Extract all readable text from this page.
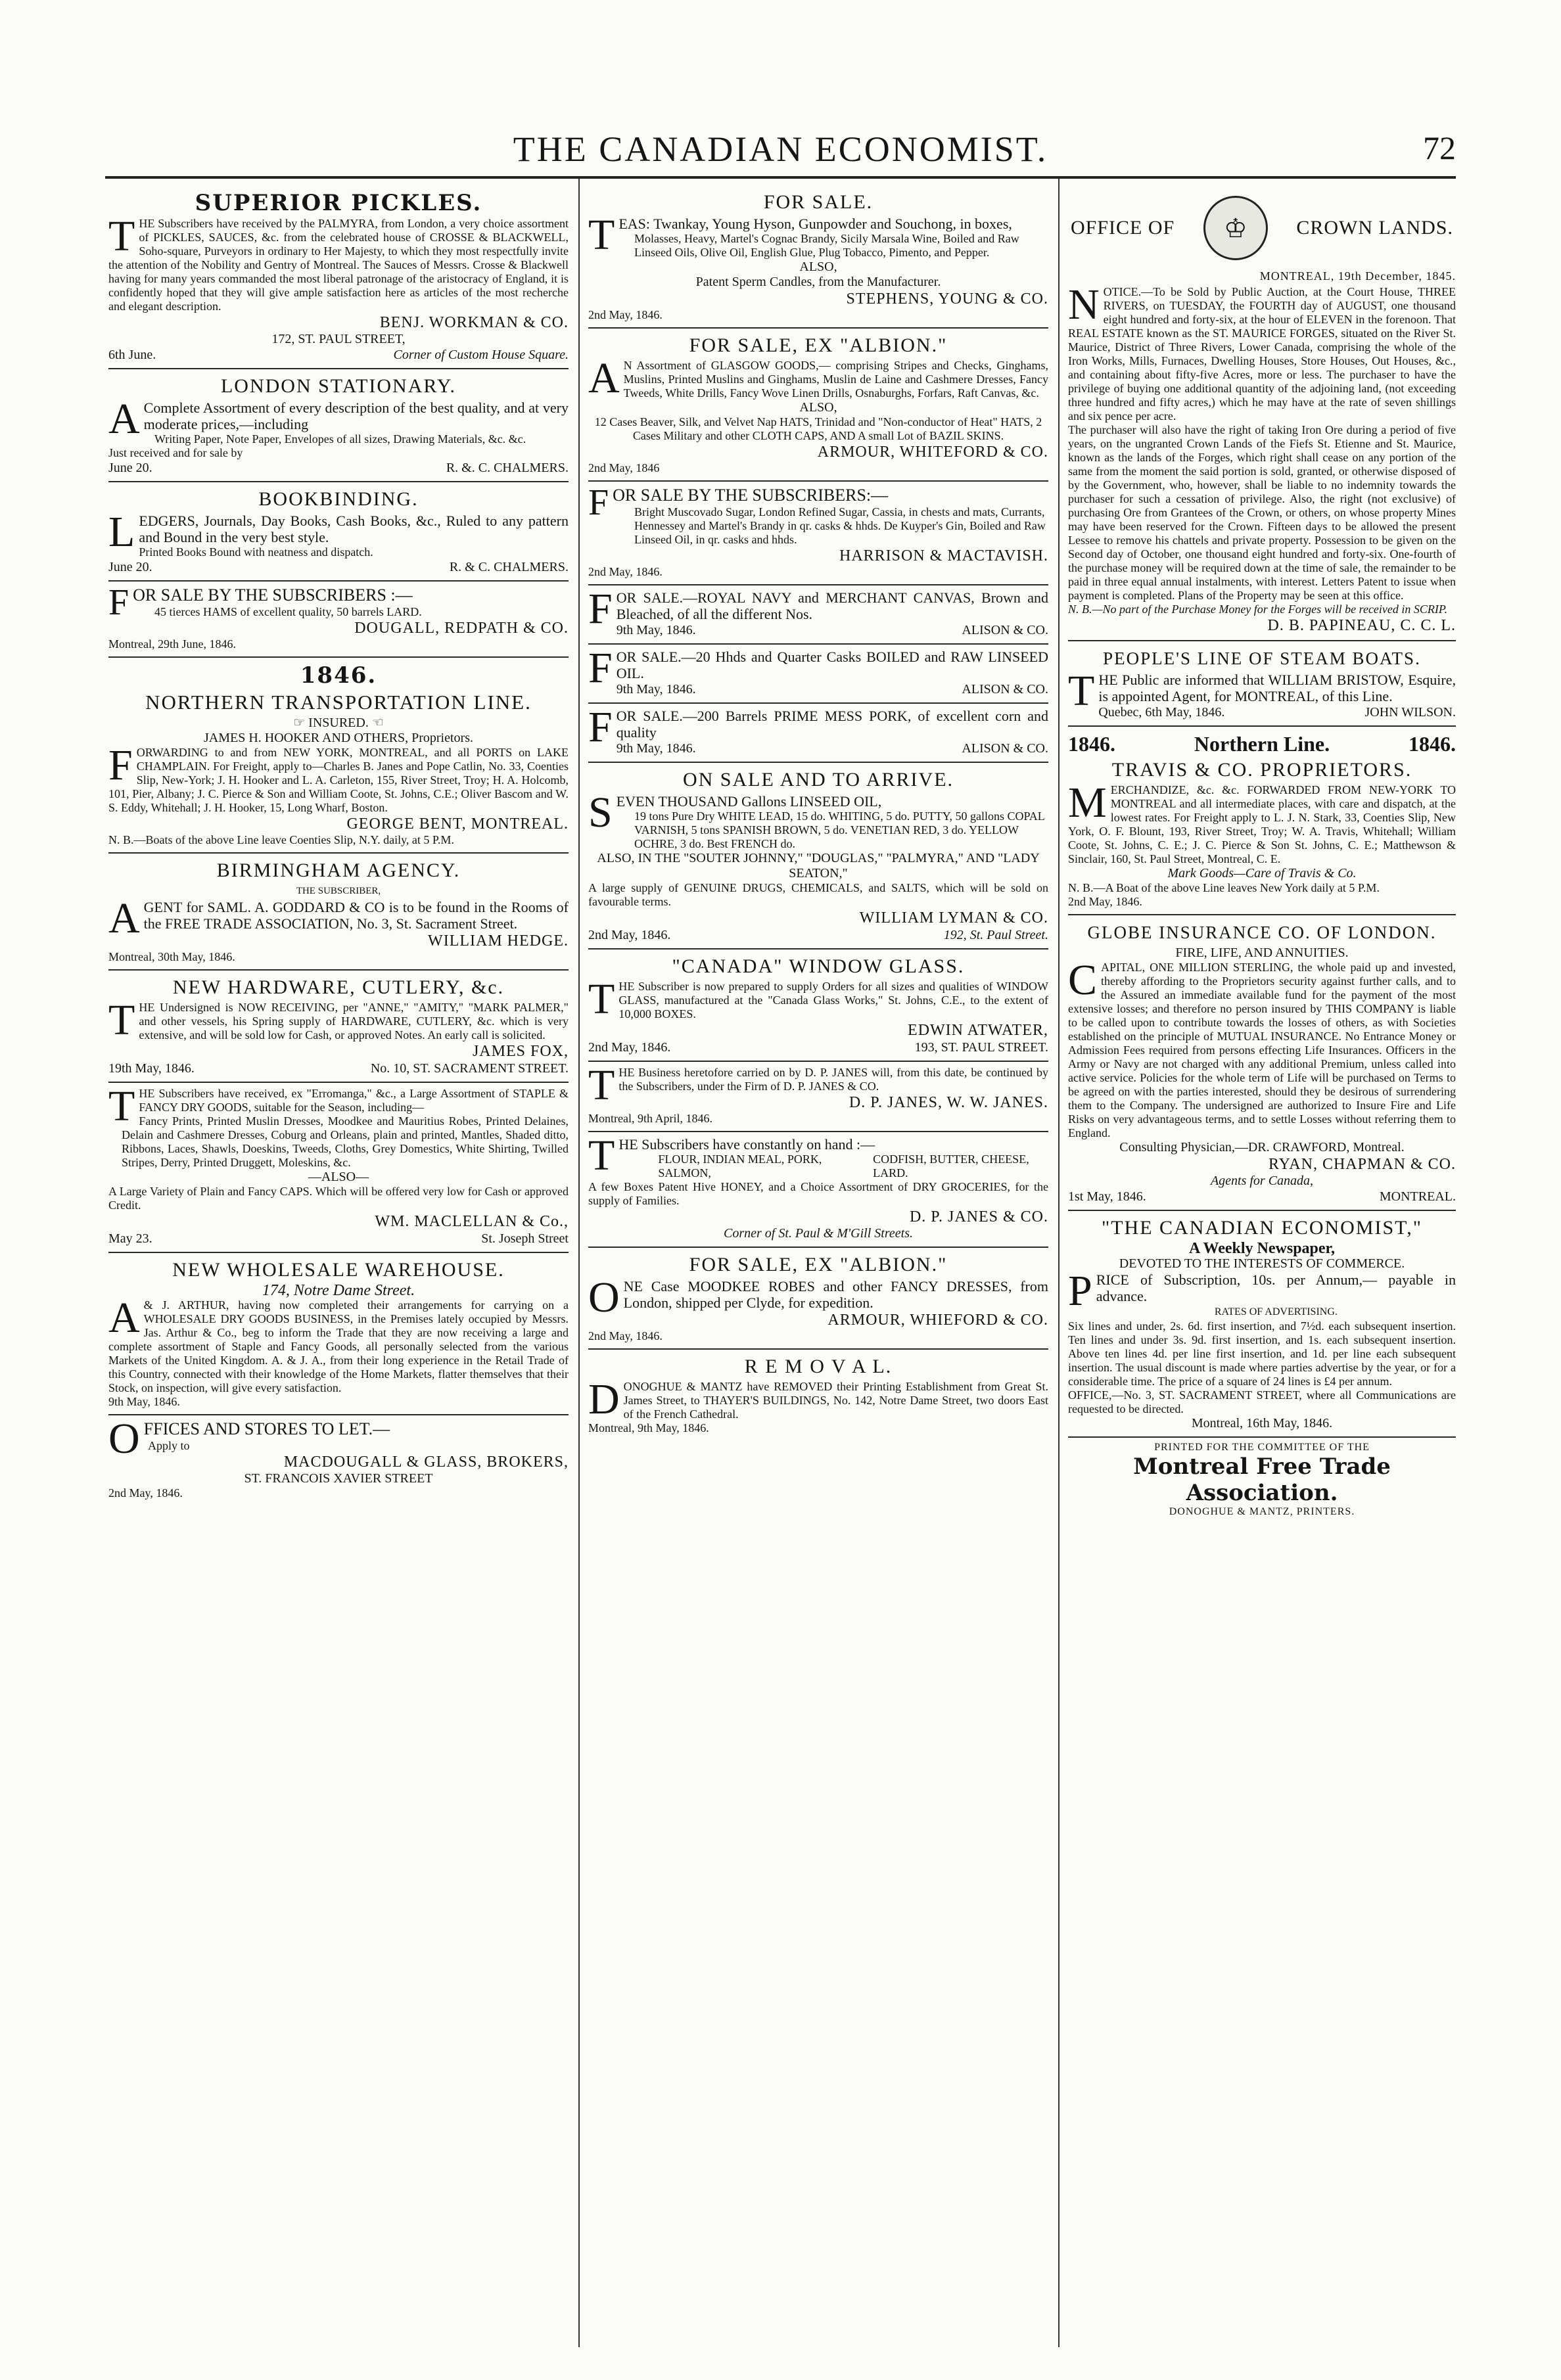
THE CANADIAN ECONOMIST.	72
SUPERIOR PICKLES.

THE Subscribers have received by the PALMYRA, from London, a very choice assortment of PICKLES, SAUCES, &c. from the celebrated house of CROSSE & BLACKWELL, Soho-square, Purveyors in ordinary to Her Majesty, to which they most respectfully invite the attention of the Nobility and Gentry of Montreal. The Sauces of Messrs. Crosse & Blackwell having for many years commanded the most liberal patronage of the aristocracy of England, it is confidently hoped that they will give ample satisfaction here as articles of the most recherche and elegant description.

BENJ. WORKMAN & CO.

172, ST. PAUL STREET,
6th June.	Corner of Custom House Square.
LONDON STATIONARY.

A Complete Assortment of every description of the best quality, and at very moderate prices,—including

Writing Paper, Note Paper, Envelopes of all sizes, Drawing Materials, &c. &c.

Just received and for sale by

June 20.	R. &. C. CHALMERS.
BOOKBINDING.

LEDGERS, Journals, Day Books, Cash Books, &c., Ruled to any pattern and Bound in the very best style.

Printed Books Bound with neatness and dispatch.

June 20.	R. & C. CHALMERS.

FOR SALE BY THE SUBSCRIBERS :—

45 tierces HAMS of excellent quality, 50 barrels LARD.

DOUGALL, REDPATH & CO.

Montreal, 29th June, 1846.

1846.
NORTHERN TRANSPORTATION LINE.
☞ INSURED. ☜
JAMES H. HOOKER AND OTHERS, Proprietors.

FORWARDING to and from NEW YORK, MONTREAL, and all PORTS on LAKE CHAMPLAIN. For Freight, apply to—Charles B. Janes and Pope Catlin, No. 33, Coenties Slip, New-York; J. H. Hooker and L. A. Carleton, 155, River Street, Troy; H. A. Holcomb, 101, Pier, Albany; J. C. Pierce & Son and William Coote, St. Johns, C.E.; Oliver Bascom and W. S. Eddy, Whitehall; J. H. Hooker, 15, Long Wharf, Boston.

GEORGE BENT, MONTREAL.

N. B.—Boats of the above Line leave Coenties Slip, N.Y. daily, at 5 P.M.

BIRMINGHAM AGENCY.
THE SUBSCRIBER,

AGENT for SAML. A. GODDARD & CO is to be found in the Rooms of the FREE TRADE ASSOCIATION, No. 3, St. Sacrament Street.

WILLIAM HEDGE.

Montreal, 30th May, 1846.

NEW HARDWARE, CUTLERY, &c.

THE Undersigned is NOW RECEIVING, per "ANNE," "AMITY," "MARK PALMER," and other vessels, his Spring supply of HARDWARE, CUTLERY, &c. which is very extensive, and will be sold low for Cash, or approved Notes. An early call is solicited.

JAMES FOX,

19th May, 1846.	No. 10, ST. SACRAMENT STREET.

THE Subscribers have received, ex "Erromanga," &c., a Large Assortment of STAPLE & FANCY DRY GOODS, suitable for the Season, including—

Fancy Prints, Printed Muslin Dresses, Moodkee and Mauritius Robes, Printed Delaines, Delain and Cashmere Dresses, Coburg and Orleans, plain and printed, Mantles, Shaded ditto, Ribbons, Laces, Shawls, Doeskins, Tweeds, Cloths, Grey Domestics, White Shirting, Twilled Stripes, Derry, Printed Druggett, Moleskins, &c.

—ALSO—

A Large Variety of Plain and Fancy CAPS. Which will be offered very low for Cash or approved Credit.

WM. MACLELLAN & Co.,

May 23.	St. Joseph Street
NEW WHOLESALE WAREHOUSE.
174, Notre Dame Street.

A & J. ARTHUR, having now completed their arrangements for carrying on a WHOLESALE DRY GOODS BUSINESS, in the Premises lately occupied by Messrs. Jas. Arthur & Co., beg to inform the Trade that they are now receiving a large and complete assortment of Staple and Fancy Goods, all personally selected from the various Markets of the United Kingdom. A. & J. A., from their long experience in the Retail Trade of this Country, connected with their knowledge of the Home Markets, flatter themselves that their Stock, on inspection, will give every satisfaction.

9th May, 1846.

OFFICES AND STORES TO LET.—

Apply to

MACDOUGALL & GLASS, BROKERS,

ST. FRANCOIS XAVIER STREET

2nd May, 1846.

FOR SALE.

TEAS: Twankay, Young Hyson, Gunpowder and Souchong, in boxes,

Molasses, Heavy, Martel's Cognac Brandy, Sicily Marsala Wine, Boiled and Raw Linseed Oils, Olive Oil, English Glue, Plug Tobacco, Pimento, and Pepper.

ALSO,
Patent Sperm Candles, from the Manufacturer.

STEPHENS, YOUNG & CO.

2nd May, 1846.

FOR SALE, EX "ALBION."

A N Assortment of GLASGOW GOODS,— comprising Stripes and Checks, Ginghams, Muslins, Printed Muslins and Ginghams, Muslin de Laine and Cashmere Dresses, Fancy Tweeds, White Drills, Fancy Wove Linen Drills, Osnaburghs, Forfars, Raft Canvas, &c.

ALSO,

12 Cases Beaver, Silk, and Velvet Nap HATS, Trinidad and "Non-conductor of Heat" HATS, 2 Cases Military and other CLOTH CAPS, AND A small Lot of BAZIL SKINS.

ARMOUR, WHITEFORD & CO.

2nd May, 1846

FOR SALE BY THE SUBSCRIBERS:—

Bright Muscovado Sugar, London Refined Sugar, Cassia, in chests and mats, Currants, Hennessey and Martel's Brandy in qr. casks & hhds. De Kuyper's Gin, Boiled and Raw Linseed Oil, in qr. casks and hhds.

HARRISON & MACTAVISH.

2nd May, 1846.

FOR SALE.—ROYAL NAVY and MERCHANT CANVAS, Brown and Bleached, of all the different Nos.

9th May, 1846.	ALISON & CO.

FOR SALE.—20 Hhds and Quarter Casks BOILED and RAW LINSEED OIL.

9th May, 1846.	ALISON & CO.

FOR SALE.—200 Barrels PRIME MESS PORK, of excellent corn and quality

9th May, 1846.	ALISON & CO.
ON SALE AND TO ARRIVE.

SEVEN THOUSAND Gallons LINSEED OIL,

19 tons Pure Dry WHITE LEAD, 15 do. WHITING, 5 do. PUTTY, 50 gallons COPAL VARNISH, 5 tons SPANISH BROWN, 5 do. VENETIAN RED, 3 do. YELLOW OCHRE, 3 do. Best FRENCH do.

ALSO, IN THE "SOUTER JOHNNY," "DOUGLAS," "PALMYRA," AND "LADY SEATON,"

A large supply of GENUINE DRUGS, CHEMICALS, and SALTS, which will be sold on favourable terms.

WILLIAM LYMAN & CO.

2nd May, 1846.	192, St. Paul Street.
"CANADA" WINDOW GLASS.

THE Subscriber is now prepared to supply Orders for all sizes and qualities of WINDOW GLASS, manufactured at the "Canada Glass Works," St. Johns, C.E., to the extent of 10,000 BOXES.

EDWIN ATWATER,

2nd May, 1846.	193, ST. PAUL STREET.

THE Business heretofore carried on by D. P. JANES will, from this date, be continued by the Subscribers, under the Firm of D. P. JANES & CO.

D. P. JANES, W. W. JANES.

Montreal, 9th April, 1846.

THE Subscribers have constantly on hand :—

FLOUR, INDIAN MEAL, PORK, SALMON,
CODFISH, BUTTER, CHEESE, LARD.

A few Boxes Patent Hive HONEY, and a Choice Assortment of DRY GROCERIES, for the supply of Families.

D. P. JANES & CO.

Corner of St. Paul & M'Gill Streets.
FOR SALE, EX "ALBION."

ONE Case MOODKEE ROBES and other FANCY DRESSES, from London, shipped per Clyde, for expedition.

ARMOUR, WHIEFORD & CO.

2nd May, 1846.

R E M O V A L.

DONOGHUE & MANTZ have REMOVED their Printing Establishment from Great St. James Street, to THAYER'S BUILDINGS, No. 142, Notre Dame Street, two doors East of the French Cathedral.

Montreal, 9th May, 1846.

OFFICE OF	♔	CROWN LANDS.

MONTREAL, 19th December, 1845.

NOTICE.—To be Sold by Public Auction, at the Court House, THREE RIVERS, on TUESDAY, the FOURTH day of AUGUST, one thousand eight hundred and forty-six, at the hour of ELEVEN in the forenoon. That REAL ESTATE known as the ST. MAURICE FORGES, situated on the River St. Maurice, District of Three Rivers, Lower Canada, comprising the whole of the Iron Works, Mills, Furnaces, Dwelling Houses, Store Houses, Out Houses, &c., and containing about fifty-five Acres, more or less. The purchaser to have the privilege of buying one additional quantity of the adjoining land, (not exceeding three hundred and fifty acres,) which he may have at the rate of seven shillings and six pence per acre.

The purchaser will also have the right of taking Iron Ore during a period of five years, on the ungranted Crown Lands of the Fiefs St. Etienne and St. Maurice, known as the lands of the Forges, which right shall cease on any portion of the same from the moment the said portion is sold, granted, or otherwise disposed of by the Government, who, however, shall be liable to no indemnity towards the purchaser for such a cessation of privilege. Also, the right (not exclusive) of purchasing Ore from Grantees of the Crown, or others, on whose property Mines may have been reserved for the Crown. Fifteen days to be allowed the present Lessee to remove his chattels and private property. Possession to be given on the Second day of October, one thousand eight hundred and forty-six. One-fourth of the purchase money will be required down at the time of sale, the remainder to be paid in three equal annual instalments, with interest. Letters Patent to issue when payment is completed. Plans of the Property may be seen at this office.

N. B.—No part of the Purchase Money for the Forges will be received in SCRIP.

D. B. PAPINEAU, C. C. L.

PEOPLE'S LINE OF STEAM BOATS.

THE Public are informed that WILLIAM BRISTOW, Esquire, is appointed Agent, for MONTREAL, of this Line.

Quebec, 6th May, 1846.	JOHN WILSON.
1846.	Northern Line.	1846.
TRAVIS & CO. PROPRIETORS.

MERCHANDIZE, &c. &c. FORWARDED FROM NEW-YORK TO MONTREAL and all intermediate places, with care and dispatch, at the lowest rates. For Freight apply to L. J. N. Stark, 33, Coenties Slip, New York, O. F. Blount, 193, River Street, Troy; W. A. Travis, Whitehall; William Coote, St. Johns, C. E.; J. C. Pierce & Son St. Johns, C. E.; Matthewson & Sinclair, 160, St. Paul Street, Montreal, C. E.

Mark Goods—Care of Travis & Co.

N. B.—A Boat of the above Line leaves New York daily at 5 P.M.

2nd May, 1846.

GLOBE INSURANCE CO. OF LONDON.
FIRE, LIFE, AND ANNUITIES.

CAPITAL, ONE MILLION STERLING, the whole paid up and invested, thereby affording to the Proprietors security against further calls, and to the Assured an immediate available fund for the payment of the most extensive losses; and therefore no person insured by THIS COMPANY is liable to be called upon to contribute towards the losses of others, as with Societies established on the principle of MUTUAL INSURANCE. No Entrance Money or Admission Fees required from persons effecting Life Insurances. Officers in the Army or Navy are not charged with any additional Premium, unless called into active service. Policies for the whole term of Life will be purchased on Terms to be agreed on with the parties interested, should they be desirous of surrendering them to the Company. The undersigned are authorized to Insure Fire and Life Risks on very advantageous terms, and to settle Losses without referring them to England.

Consulting Physician,—DR. CRAWFORD, Montreal.

RYAN, CHAPMAN & CO.

Agents for Canada,
1st May, 1846.	MONTREAL.
"THE CANADIAN ECONOMIST,"
A Weekly Newspaper,
DEVOTED TO THE INTERESTS OF COMMERCE.

PRICE of Subscription, 10s. per Annum,— payable in advance.

RATES OF ADVERTISING.

Six lines and under, 2s. 6d. first insertion, and 7½d. each subsequent insertion. Ten lines and under 3s. 9d. first insertion, and 1s. each subsequent insertion. Above ten lines 4d. per line first insertion, and 1d. per line each subsequent insertion. The usual discount is made where parties advertise by the year, or for a considerable time. The price of a square of 24 lines is £4 per annum.

OFFICE,—No. 3, ST. SACRAMENT STREET, where all Communications are requested to be directed.

Montreal, 16th May, 1846.
PRINTED FOR THE COMMITTEE OF THE
Montreal Free Trade Association.
DONOGHUE & MANTZ, PRINTERS.
